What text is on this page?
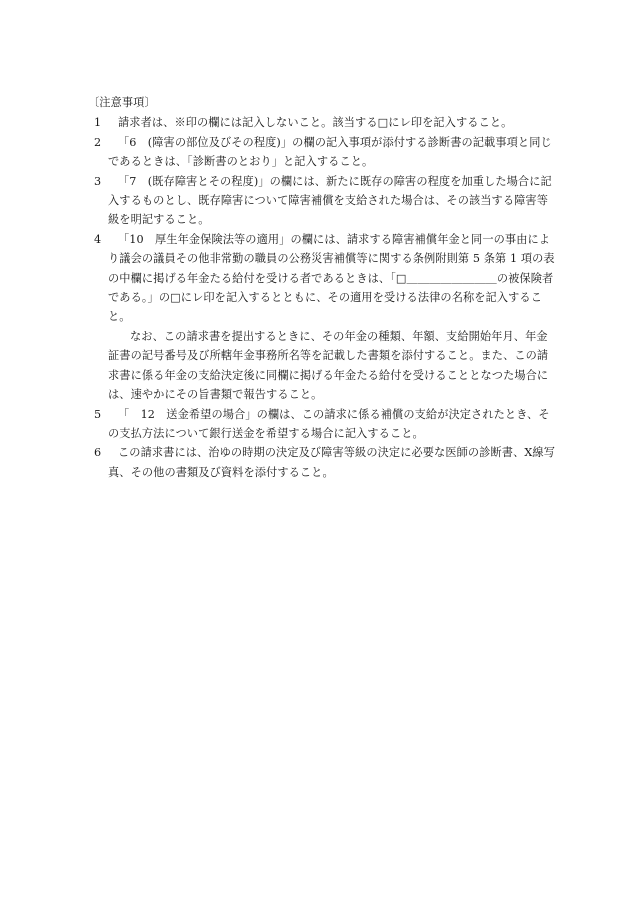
〔注意事項〕
1	請求者は、※印の欄には記入しないこと。該当する□にレ印を記入すること。
2	「6　(障害の部位及びその程度)」の欄の記入事項が添付する診断書の記載事項と同じであるときは、「診断書のとおり」と記入すること。
3	「7　(既存障害とその程度)」の欄には、新たに既存の障害の程度を加重した場合に記入するものとし、既存障害について障害補償を支給された場合は、その該当する障害等級を明記すること。
4	「10　厚生年金保険法等の適用」の欄には、請求する障害補償年金と同一の事由により議会の議員その他非常勤の職員の公務災害補償等に関する条例附則第 5 条第 1 項の表の中欄に掲げる年金たる給付を受ける者であるときは、「□＿＿＿＿＿＿＿＿の被保険者である。」の□にレ印を記入するとともに、その適用を受ける法律の名称を記入すること。
なお、この請求書を提出するときに、その年金の種類、年額、支給開始年月、年金証書の記号番号及び所轄年金事務所名等を記載した書類を添付すること。また、この請求書に係る年金の支給決定後に同欄に掲げる年金たる給付を受けることとなつた場合には、速やかにその旨書類で報告すること。
5	「　12　送金希望の場合」の欄は、この請求に係る補償の支給が決定されたとき、その支払方法について銀行送金を希望する場合に記入すること。
6	この請求書には、治ゆの時期の決定及び障害等級の決定に必要な医師の診断書、X線写真、その他の書類及び資料を添付すること。
